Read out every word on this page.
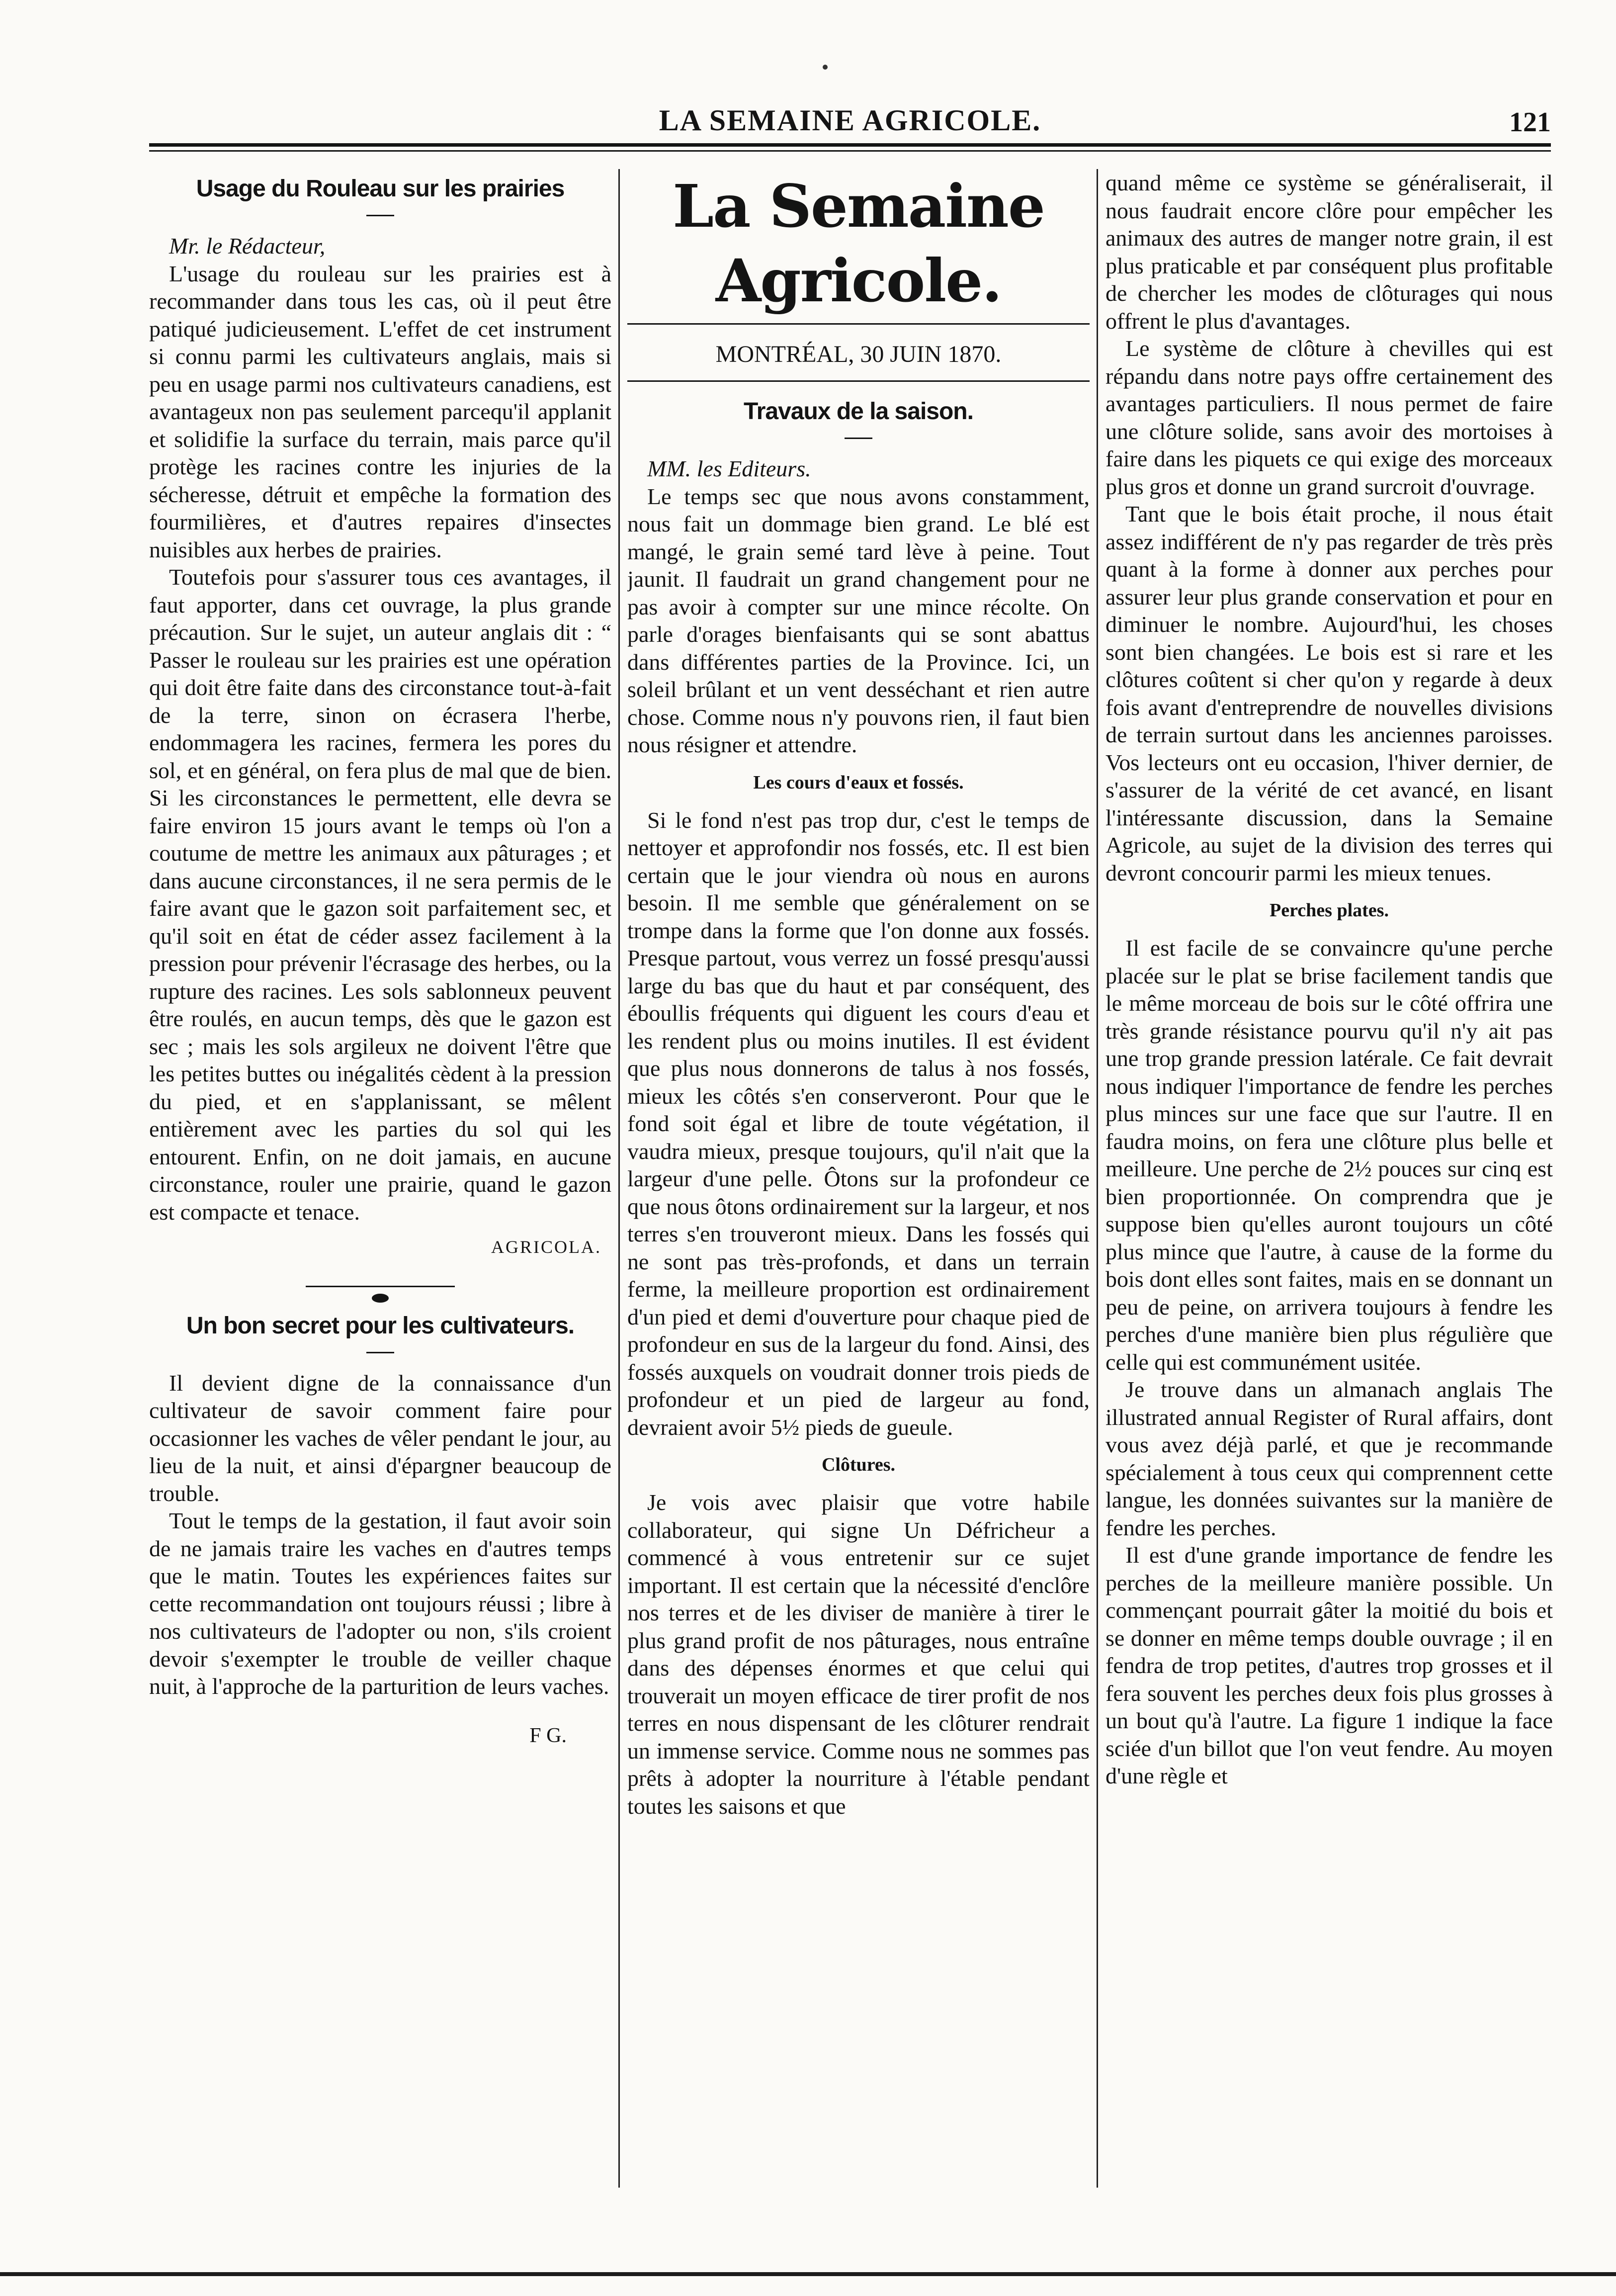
LA SEMAINE AGRICOLE.	121
Usage du Rouleau sur les prairies

Mr. le Rédacteur,

L'usage du rouleau sur les prairies est à recommander dans tous les cas, où il peut être patiqué judicieusement. L'effet de cet instrument si connu parmi les cultivateurs anglais, mais si peu en usage parmi nos cultivateurs canadiens, est avantageux non pas seulement parcequ'il applanit et solidifie la surface du terrain, mais parce qu'il protège les racines contre les injuries de la sécheresse, détruit et empêche la formation des fourmilières, et d'autres repaires d'insectes nuisibles aux herbes de prairies.

Toutefois pour s'assurer tous ces avantages, il faut apporter, dans cet ouvrage, la plus grande précaution. Sur le sujet, un auteur anglais dit : “ Passer le rouleau sur les prairies est une opération qui doit être faite dans des circonstance tout-à-fait de la terre, sinon on écrasera l'herbe, endommagera les racines, fermera les pores du sol, et en général, on fera plus de mal que de bien. Si les circonstances le permettent, elle devra se faire environ 15 jours avant le temps où l'on a coutume de mettre les animaux aux pâturages ; et dans aucune circonstances, il ne sera permis de le faire avant que le gazon soit parfaitement sec, et qu'il soit en état de céder assez facilement à la pression pour prévenir l'écrasage des herbes, ou la rupture des racines. Les sols sablonneux peuvent être roulés, en aucun temps, dès que le gazon est sec ; mais les sols argileux ne doivent l'être que les petites buttes ou inégalités cèdent à la pression du pied, et en s'applanissant, se mêlent entièrement avec les parties du sol qui les entourent. Enfin, on ne doit jamais, en aucune circonstance, rouler une prairie, quand le gazon est compacte et tenace.

AGRICOLA.
Un bon secret pour les cultivateurs.

Il devient digne de la connaissance d'un cultivateur de savoir comment faire pour occasionner les vaches de vêler pendant le jour, au lieu de la nuit, et ainsi d'épargner beaucoup de trouble.

Tout le temps de la gestation, il faut avoir soin de ne jamais traire les vaches en d'autres temps que le matin. Toutes les expériences faites sur cette recommandation ont toujours réussi ; libre à nos cultivateurs de l'adopter ou non, s'ils croient devoir s'exempter le trouble de veiller chaque nuit, à l'approche de la parturition de leurs vaches.

F G.
La Semaine Agricole.
MONTRÉAL, 30 JUIN 1870.
Travaux de la saison.

MM. les Editeurs.

Le temps sec que nous avons constamment, nous fait un dommage bien grand. Le blé est mangé, le grain semé tard lève à peine. Tout jaunit. Il faudrait un grand changement pour ne pas avoir à compter sur une mince récolte. On parle d'orages bienfaisants qui se sont abattus dans différentes parties de la Province. Ici, un soleil brûlant et un vent desséchant et rien autre chose. Comme nous n'y pouvons rien, il faut bien nous résigner et attendre.

Les cours d'eaux et fossés.

Si le fond n'est pas trop dur, c'est le temps de nettoyer et approfondir nos fossés, etc. Il est bien certain que le jour viendra où nous en aurons besoin. Il me semble que généralement on se trompe dans la forme que l'on donne aux fossés. Presque partout, vous verrez un fossé presqu'aussi large du bas que du haut et par conséquent, des éboullis fréquents qui diguent les cours d'eau et les rendent plus ou moins inutiles. Il est évident que plus nous donnerons de talus à nos fossés, mieux les côtés s'en conserveront. Pour que le fond soit égal et libre de toute végétation, il vaudra mieux, presque toujours, qu'il n'ait que la largeur d'une pelle. Ôtons sur la profondeur ce que nous ôtons ordinairement sur la largeur, et nos terres s'en trouveront mieux. Dans les fossés qui ne sont pas très-profonds, et dans un terrain ferme, la meilleure proportion est ordinairement d'un pied et demi d'ouverture pour chaque pied de profondeur en sus de la largeur du fond. Ainsi, des fossés auxquels on voudrait donner trois pieds de profondeur et un pied de largeur au fond, devraient avoir 5½ pieds de gueule.

Clôtures.

Je vois avec plaisir que votre habile collaborateur, qui signe Un Défricheur a commencé à vous entretenir sur ce sujet important. Il est certain que la nécessité d'enclôre nos terres et de les diviser de manière à tirer le plus grand profit de nos pâturages, nous entraîne dans des dépenses énormes et que celui qui trouverait un moyen efficace de tirer profit de nos terres en nous dispensant de les clôturer rendrait un immense service. Comme nous ne sommes pas prêts à adopter la nourriture à l'étable pendant toutes les saisons et que

quand même ce système se généraliserait, il nous faudrait encore clôre pour empêcher les animaux des autres de manger notre grain, il est plus praticable et par conséquent plus profitable de chercher les modes de clôturages qui nous offrent le plus d'avantages.

Le système de clôture à chevilles qui est répandu dans notre pays offre certainement des avantages particuliers. Il nous permet de faire une clôture solide, sans avoir des mortoises à faire dans les piquets ce qui exige des morceaux plus gros et donne un grand surcroit d'ouvrage.

Tant que le bois était proche, il nous était assez indifférent de n'y pas regarder de très près quant à la forme à donner aux perches pour assurer leur plus grande conservation et pour en diminuer le nombre. Aujourd'hui, les choses sont bien changées. Le bois est si rare et les clôtures coûtent si cher qu'on y regarde à deux fois avant d'entreprendre de nouvelles divisions de terrain surtout dans les anciennes paroisses. Vos lecteurs ont eu occasion, l'hiver dernier, de s'assurer de la vérité de cet avancé, en lisant l'intéressante discussion, dans la Semaine Agricole, au sujet de la division des terres qui devront concourir parmi les mieux tenues.

Perches plates.

Il est facile de se convaincre qu'une perche placée sur le plat se brise facilement tandis que le même morceau de bois sur le côté offrira une très grande résistance pourvu qu'il n'y ait pas une trop grande pression latérale. Ce fait devrait nous indiquer l'importance de fendre les perches plus minces sur une face que sur l'autre. Il en faudra moins, on fera une clôture plus belle et meilleure. Une perche de 2½ pouces sur cinq est bien proportionnée. On comprendra que je suppose bien qu'elles auront toujours un côté plus mince que l'autre, à cause de la forme du bois dont elles sont faites, mais en se donnant un peu de peine, on arrivera toujours à fendre les perches d'une manière bien plus régulière que celle qui est communément usitée.

Je trouve dans un almanach anglais The illustrated annual Register of Rural affairs, dont vous avez déjà parlé, et que je recommande spécialement à tous ceux qui comprennent cette langue, les données suivantes sur la manière de fendre les perches.

Il est d'une grande importance de fendre les perches de la meilleure manière possible. Un commençant pourrait gâter la moitié du bois et se donner en même temps double ouvrage ; il en fendra de trop petites, d'autres trop grosses et il fera souvent les perches deux fois plus grosses à un bout qu'à l'autre. La figure 1 indique la face sciée d'un billot que l'on veut fendre. Au moyen d'une règle et
